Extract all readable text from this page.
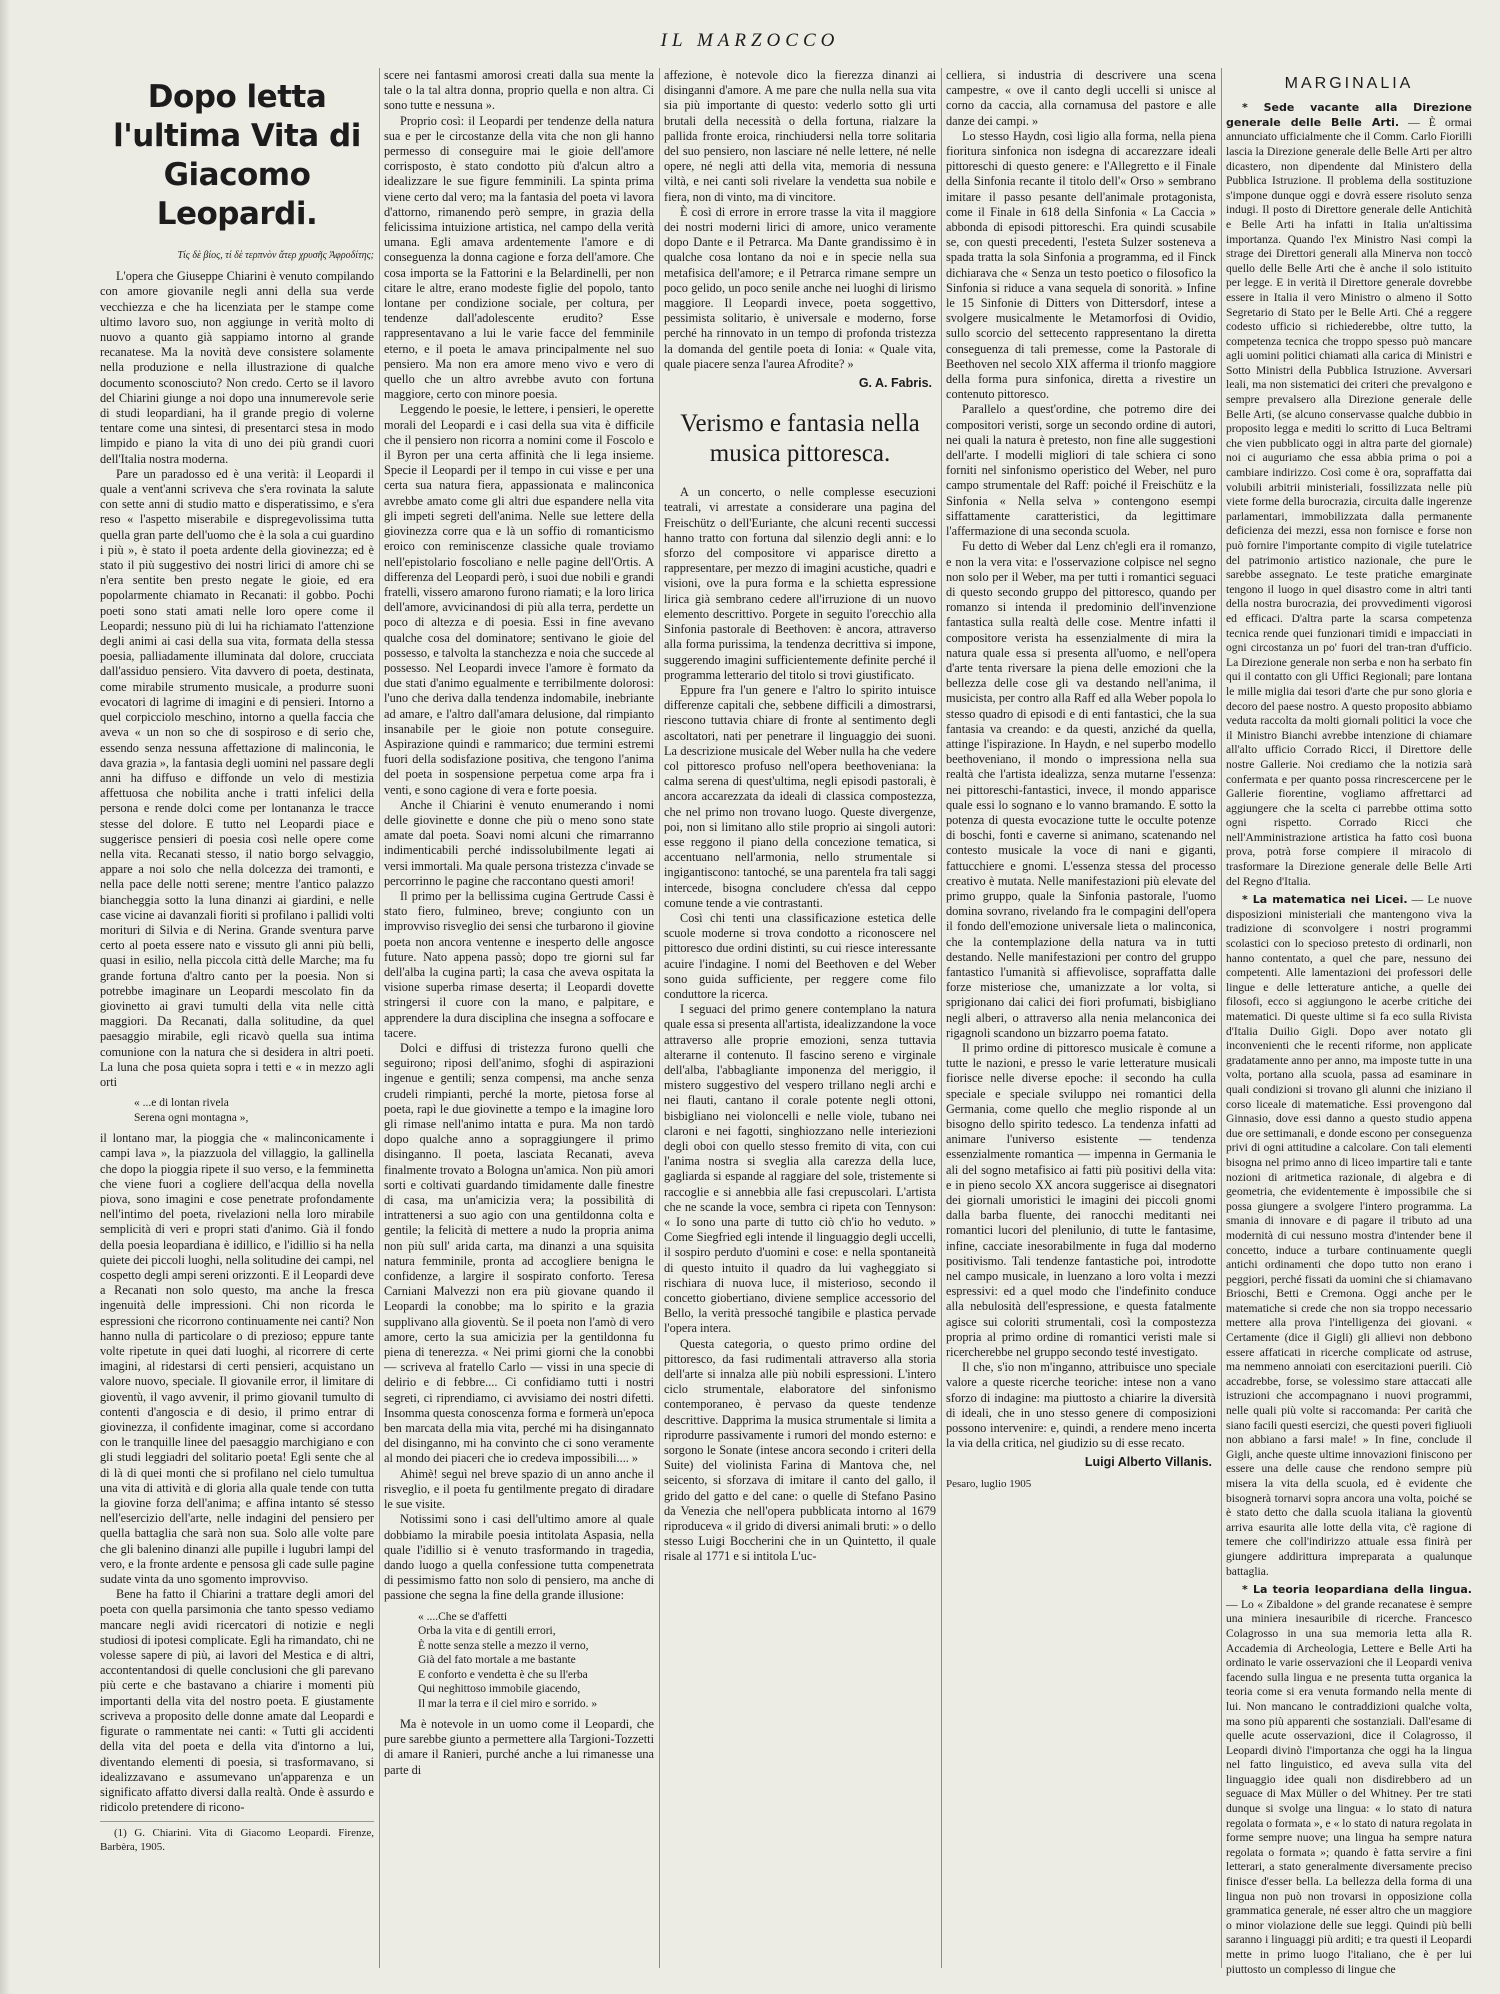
IL MARZOCCO
Dopo letta l'ultima Vita di Giacomo Leopardi.
Τίς δὲ βίος, τί δὲ τερπνὸν ἄτερ χρυσῆς Ἀφροδίτης;

L'opera che Giuseppe Chiarini è venuto compilando con amore giovanile negli anni della sua verde vecchiezza e che ha licenziata per le stampe come ultimo lavoro suo, non aggiunge in verità molto di nuovo a quanto già sappiamo intorno al grande recanatese. Ma la novità deve consistere solamente nella produzione e nella illustrazione di qualche documento sconosciuto? Non credo. Certo se il lavoro del Chiarini giunge a noi dopo una innumerevole serie di studi leopardiani, ha il grande pregio di volerne tentare come una sintesi, di presentarci stesa in modo limpido e piano la vita di uno dei più grandi cuori dell'Italia nostra moderna.

Pare un paradosso ed è una verità: il Leopardi il quale a vent'anni scriveva che s'era rovinata la salute con sette anni di studio matto e disperatissimo, e s'era reso « l'aspetto miserabile e dispregevolissima tutta quella gran parte dell'uomo che è la sola a cui guardino i più », è stato il poeta ardente della giovinezza; ed è stato il più suggestivo dei nostri lirici di amore chi se n'era sentite ben presto negate le gioie, ed era popolarmente chiamato in Recanati: il gobbo. Pochi poeti sono stati amati nelle loro opere come il Leopardi; nessuno più di lui ha richiamato l'attenzione degli animi ai casi della sua vita, formata della stessa poesia, palliadamente illuminata dal dolore, crucciata dall'assiduo pensiero. Vita davvero di poeta, destinata, come mirabile strumento musicale, a produrre suoni evocatori di lagrime di imagini e di pensieri. Intorno a quel corpicciolo meschino, intorno a quella faccia che aveva « un non so che di sospiroso e di serio che, essendo senza nessuna affettazione di malinconia, le dava grazia », la fantasia degli uomini nel passare degli anni ha diffuso e diffonde un velo di mestizia affettuosa che nobilita anche i tratti infelici della persona e rende dolci come per lontananza le tracce stesse del dolore. E tutto nel Leopardi piace e suggerisce pensieri di poesia così nelle opere come nella vita. Recanati stesso, il natio borgo selvaggio, appare a noi solo che nella dolcezza dei tramonti, e nella pace delle notti serene; mentre l'antico palazzo biancheggia sotto la luna dinanzi ai giardini, e nelle case vicine ai davanzali fioriti si profilano i pallidi volti morituri di Silvia e di Nerina. Grande sventura parve certo al poeta essere nato e vissuto gli anni più belli, quasi in esilio, nella piccola città delle Marche; ma fu grande fortuna d'altro canto per la poesia. Non si potrebbe imaginare un Leopardi mescolato fin da giovinetto ai gravi tumulti della vita nelle città maggiori. Da Recanati, dalla solitudine, da quel paesaggio mirabile, egli ricavò quella sua intima comunione con la natura che si desidera in altri poeti. La luna che posa quieta sopra i tetti e « in mezzo agli orti

« ...e di lontan rivela
Serena ogni montagna »,

il lontano mar, la pioggia che « malinconicamente i campi lava », la piazzuola del villaggio, la gallinella che dopo la pioggia ripete il suo verso, e la femminetta che viene fuori a cogliere dell'acqua della novella piova, sono imagini e cose penetrate profondamente nell'intimo del poeta, rivelazioni nella loro mirabile semplicità di veri e propri stati d'animo. Già il fondo della poesia leopardiana è idillico, e l'idillio si ha nella quiete dei piccoli luoghi, nella solitudine dei campi, nel cospetto degli ampi sereni orizzonti. E il Leopardi deve a Recanati non solo questo, ma anche la fresca ingenuità delle impressioni. Chi non ricorda le espressioni che ricorrono continuamente nei canti? Non hanno nulla di particolare o di prezioso; eppure tante volte ripetute in quei dati luoghi, al ricorrere di certe imagini, al ridestarsi di certi pensieri, acquistano un valore nuovo, speciale. Il giovanile error, il limitare di gioventù, il vago avvenir, il primo giovanil tumulto di contenti d'angoscia e di desio, il primo entrar di giovinezza, il confidente imaginar, come si accordano con le tranquille linee del paesaggio marchigiano e con gli studi leggiadri del solitario poeta! Egli sente che al di là di quei monti che si profilano nel cielo tumultua una vita di attività e di gloria alla quale tende con tutta la giovine forza dell'anima; e affina intanto sé stesso nell'esercizio dell'arte, nelle indagini del pensiero per quella battaglia che sarà non sua. Solo alle volte pare che gli balenino dinanzi alle pupille i lugubri lampi del vero, e la fronte ardente e pensosa gli cade sulle pagine sudate vinta da uno sgomento improvviso.

Bene ha fatto il Chiarini a trattare degli amori del poeta con quella parsimonia che tanto spesso vediamo mancare negli avidi ricercatori di notizie e negli studiosi di ipotesi complicate. Egli ha rimandato, chi ne volesse sapere di più, ai lavori del Mestica e di altri, accontentandosi di quelle conclusioni che gli parevano più certe e che bastavano a chiarire i momenti più importanti della vita del nostro poeta. E giustamente scriveva a proposito delle donne amate dal Leopardi e figurate o rammentate nei canti: « Tutti gli accidenti della vita del poeta e della vita d'intorno a lui, diventando elementi di poesia, si trasformavano, si idealizzavano e assumevano un'apparenza e un significato affatto diversi dalla realtà. Onde è assurdo e ridicolo pretendere di ricono-

(1) G. Chiarini. Vita di Giacomo Leopardi. Firenze, Barbèra, 1905.

scere nei fantasmi amorosi creati dalla sua mente la tale o la tal altra donna, proprio quella e non altra. Ci sono tutte e nessuna ».

Proprio così: il Leopardi per tendenze della natura sua e per le circostanze della vita che non gli hanno permesso di conseguire mai le gioie dell'amore corrisposto, è stato condotto più d'alcun altro a idealizzare le sue figure femminili. La spinta prima viene certo dal vero; ma la fantasia del poeta vi lavora d'attorno, rimanendo però sempre, in grazia della felicissima intuizione artistica, nel campo della verità umana. Egli amava ardentemente l'amore e di conseguenza la donna cagione e forza dell'amore. Che cosa importa se la Fattorini e la Belardinelli, per non citare le altre, erano modeste figlie del popolo, tanto lontane per condizione sociale, per coltura, per tendenze dall'adolescente erudito? Esse rappresentavano a lui le varie facce del femminile eterno, e il poeta le amava principalmente nel suo pensiero. Ma non era amore meno vivo e vero di quello che un altro avrebbe avuto con fortuna maggiore, certo con minore poesia.

Leggendo le poesie, le lettere, i pensieri, le operette morali del Leopardi e i casi della sua vita è difficile che il pensiero non ricorra a nomini come il Foscolo e il Byron per una certa affinità che li lega insieme. Specie il Leopardi per il tempo in cui visse e per una certa sua natura fiera, appassionata e malinconica avrebbe amato come gli altri due espandere nella vita gli impeti segreti dell'anima. Nelle sue lettere della giovinezza corre qua e là un soffio di romanticismo eroico con reminiscenze classiche quale troviamo nell'epistolario foscoliano e nelle pagine dell'Ortis. A differenza del Leopardi però, i suoi due nobili e grandi fratelli, vissero amarono furono riamati; e la loro lirica dell'amore, avvicinandosi di più alla terra, perdette un poco di altezza e di poesia. Essi in fine avevano qualche cosa del dominatore; sentivano le gioie del possesso, e talvolta la stanchezza e noia che succede al possesso. Nel Leopardi invece l'amore è formato da due stati d'animo egualmente e terribilmente dolorosi: l'uno che deriva dalla tendenza indomabile, inebriante ad amare, e l'altro dall'amara delusione, dal rimpianto insanabile per le gioie non potute conseguire. Aspirazione quindi e rammarico; due termini estremi fuori della sodisfazione positiva, che tengono l'anima del poeta in sospensione perpetua come arpa fra i venti, e sono cagione di vera e forte poesia.

Anche il Chiarini è venuto enumerando i nomi delle giovinette e donne che più o meno sono state amate dal poeta. Soavi nomi alcuni che rimarranno indimenticabili perché indissolubilmente legati ai versi immortali. Ma quale persona tristezza c'invade se percorrinno le pagine che raccontano questi amori!

Il primo per la bellissima cugina Gertrude Cassi è stato fiero, fulmineo, breve; congiunto con un improvviso risveglio dei sensi che turbarono il giovine poeta non ancora ventenne e inesperto delle angosce future. Nato appena passò; dopo tre giorni sul far dell'alba la cugina partì; la casa che aveva ospitata la visione superba rimase deserta; il Leopardi dovette stringersi il cuore con la mano, e palpitare, e apprendere la dura disciplina che insegna a soffocare e tacere.

Dolci e diffusi di tristezza furono quelli che seguirono; riposi dell'animo, sfoghi di aspirazioni ingenue e gentili; senza compensi, ma anche senza crudeli rimpianti, perché la morte, pietosa forse al poeta, rapì le due giovinette a tempo e la imagine loro gli rimase nell'animo intatta e pura. Ma non tardò dopo qualche anno a sopraggiungere il primo disinganno. Il poeta, lasciata Recanati, aveva finalmente trovato a Bologna un'amica. Non più amori sorti e coltivati guardando timidamente dalle finestre di casa, ma un'amicizia vera; la possibilità di intrattenersi a suo agio con una gentildonna colta e gentile; la felicità di mettere a nudo la propria anima non più sull' arida carta, ma dinanzi a una squisita natura femminile, pronta ad accogliere benigna le confidenze, a largire il sospirato conforto. Teresa Carniani Malvezzi non era più giovane quando il Leopardi la conobbe; ma lo spirito e la grazia supplivano alla gioventù. Se il poeta non l'amò di vero amore, certo la sua amicizia per la gentildonna fu piena di tenerezza. « Nei primi giorni che la conobbi — scriveva al fratello Carlo — vissi in una specie di delirio e di febbre.... Ci confidiamo tutti i nostri segreti, ci riprendiamo, ci avvisiamo dei nostri difetti. Insomma questa conoscenza forma e formerà un'epoca ben marcata della mia vita, perché mi ha disingannato del disinganno, mi ha convinto che ci sono veramente al mondo dei piaceri che io credeva impossibili.... »

Ahimè! seguì nel breve spazio di un anno anche il risveglio, e il poeta fu gentilmente pregato di diradare le sue visite.

Notissimi sono i casi dell'ultimo amore al quale dobbiamo la mirabile poesia intitolata Aspasia, nella quale l'idillio si è venuto trasformando in tragedia, dando luogo a quella confessione tutta compenetrata di pessimismo fatto non solo di pensiero, ma anche di passione che segna la fine della grande illusione:

« ....Che se d'affetti
Orba la vita e di gentili errori,
È notte senza stelle a mezzo il verno,
Già del fato mortale a me bastante
E conforto e vendetta è che su ll'erba
Qui neghittoso immobile giacendo,
Il mar la terra e il ciel miro e sorrido. »

Ma è notevole in un uomo come il Leopardi, che pure sarebbe giunto a permettere alla Targioni-Tozzetti di amare il Ranieri, purché anche a lui rimanesse una parte di

affezione, è notevole dico la fierezza dinanzi ai disinganni d'amore. A me pare che nulla nella sua vita sia più importante di questo: vederlo sotto gli urti brutali della necessità o della fortuna, rialzare la pallida fronte eroica, rinchiudersi nella torre solitaria del suo pensiero, non lasciare né nelle lettere, né nelle opere, né negli atti della vita, memoria di nessuna viltà, e nei canti soli rivelare la vendetta sua nobile e fiera, non di vinto, ma di vincitore.

È così di errore in errore trasse la vita il maggiore dei nostri moderni lirici di amore, unico veramente dopo Dante e il Petrarca. Ma Dante grandissimo è in qualche cosa lontano da noi e in specie nella sua metafisica dell'amore; e il Petrarca rimane sempre un poco gelido, un poco senile anche nei luoghi di lirismo maggiore. Il Leopardi invece, poeta soggettivo, pessimista solitario, è universale e moderno, forse perché ha rinnovato in un tempo di profonda tristezza la domanda del gentile poeta di Ionia: « Quale vita, quale piacere senza l'aurea Afrodite? »

G. A. Fabris.
Verismo e fantasia nella musica pittoresca.

A un concerto, o nelle complesse esecuzioni teatrali, vi arrestate a considerare una pagina del Freischütz o dell'Euriante, che alcuni recenti successi hanno tratto con fortuna dal silenzio degli anni: e lo sforzo del compositore vi apparisce diretto a rappresentare, per mezzo di imagini acustiche, quadri e visioni, ove la pura forma e la schietta espressione lirica già sembrano cedere all'irruzione di un nuovo elemento descrittivo. Porgete in seguito l'orecchio alla Sinfonia pastorale di Beethoven: è ancora, attraverso alla forma purissima, la tendenza decrittiva si impone, suggerendo imagini sufficientemente definite perché il programma letterario del titolo si trovi giustificato.

Eppure fra l'un genere e l'altro lo spirito intuisce differenze capitali che, sebbene difficili a dimostrarsi, riescono tuttavia chiare di fronte al sentimento degli ascoltatori, nati per penetrare il linguaggio dei suoni. La descrizione musicale del Weber nulla ha che vedere col pittoresco profuso nell'opera beethoveniana: la calma serena di quest'ultima, negli episodi pastorali, è ancora accarezzata da ideali di classica compostezza, che nel primo non trovano luogo. Queste divergenze, poi, non si limitano allo stile proprio ai singoli autori: esse reggono il piano della concezione tematica, si accentuano nell'armonia, nello strumentale si ingigantiscono: tantoché, se una parentela fra tali saggi intercede, bisogna concludere ch'essa dal ceppo comune tende a vie contrastanti.

Così chi tenti una classificazione estetica delle scuole moderne si trova condotto a riconoscere nel pittoresco due ordini distinti, su cui riesce interessante acuire l'indagine. I nomi del Beethoven e del Weber sono guida sufficiente, per reggere come filo conduttore la ricerca.

I seguaci del primo genere contemplano la natura quale essa si presenta all'artista, idealizzandone la voce attraverso alle proprie emozioni, senza tuttavia alterarne il contenuto. Il fascino sereno e virginale dell'alba, l'abbagliante imponenza del meriggio, il mistero suggestivo del vespero trillano negli archi e nei flauti, cantano il corale potente negli ottoni, bisbigliano nei violoncelli e nelle viole, tubano nei claroni e nei fagotti, singhiozzano nelle interiezioni degli oboi con quello stesso fremito di vita, con cui l'anima nostra si sveglia alla carezza della luce, gagliarda si espande al raggiare del sole, tristemente si raccoglie e si annebbia alle fasi crepuscolari. L'artista che ne scande la voce, sembra ci ripeta con Tennyson: « Io sono una parte di tutto ciò ch'io ho veduto. » Come Siegfried egli intende il linguaggio degli uccelli, il sospiro perduto d'uomini e cose: e nella spontaneità di questo intuito il quadro da lui vagheggiato si rischiara di nuova luce, il misterioso, secondo il concetto giobertiano, diviene semplice accessorio del Bello, la verità pressoché tangibile e plastica pervade l'opera intera.

Questa categoria, o questo primo ordine del pittoresco, da fasi rudimentali attraverso alla storia dell'arte si innalza alle più nobili espressioni. L'intero ciclo strumentale, elaboratore del sinfonismo contemporaneo, è pervaso da queste tendenze descrittive. Dapprima la musica strumentale si limita a riprodurre passivamente i rumori del mondo esterno: e sorgono le Sonate (intese ancora secondo i criteri della Suite) del violinista Farina di Mantova che, nel seicento, si sforzava di imitare il canto del gallo, il grido del gatto e del cane: o quelle di Stefano Pasino da Venezia che nell'opera pubblicata intorno al 1679 riproduceva « il grido di diversi animali bruti: » o dello stesso Luigi Boccherini che in un Quintetto, il quale risale al 1771 e si intitola L'uc-

celliera, si industria di descrivere una scena campestre, « ove il canto degli uccelli si unisce al corno da caccia, alla cornamusa del pastore e alle danze dei campi. »

Lo stesso Haydn, così ligio alla forma, nella piena fioritura sinfonica non isdegna di accarezzare ideali pittoreschi di questo genere: e l'Allegretto e il Finale della Sinfonia recante il titolo dell'« Orso » sembrano imitare il passo pesante dell'animale protagonista, come il Finale in 618 della Sinfonia « La Caccia » abbonda di episodi pittoreschi. Era quindi scusabile se, con questi precedenti, l'esteta Sulzer sosteneva a spada tratta la sola Sinfonia a programma, ed il Finck dichiarava che « Senza un testo poetico o filosofico la Sinfonia si riduce a vana sequela di sonorità. » Infine le 15 Sinfonie di Ditters von Dittersdorf, intese a svolgere musicalmente le Metamorfosi di Ovidio, sullo scorcio del settecento rappresentano la diretta conseguenza di tali premesse, come la Pastorale di Beethoven nel secolo XIX afferma il trionfo maggiore della forma pura sinfonica, diretta a rivestire un contenuto pittoresco.

Parallelo a quest'ordine, che potremo dire dei compositori veristi, sorge un secondo ordine di autori, nei quali la natura è pretesto, non fine alle suggestioni dell'arte. I modelli migliori di tale schiera ci sono forniti nel sinfonismo operistico del Weber, nel puro campo strumentale del Raff: poiché il Freischütz e la Sinfonia « Nella selva » contengono esempi siffattamente caratteristici, da legittimare l'affermazione di una seconda scuola.

Fu detto di Weber dal Lenz ch'egli era il romanzo, e non la vera vita: e l'osservazione colpisce nel segno non solo per il Weber, ma per tutti i romantici seguaci di questo secondo gruppo del pittoresco, quando per romanzo si intenda il predominio dell'invenzione fantastica sulla realtà delle cose. Mentre infatti il compositore verista ha essenzialmente di mira la natura quale essa si presenta all'uomo, e nell'opera d'arte tenta riversare la piena delle emozioni che la bellezza delle cose gli va destando nell'anima, il musicista, per contro alla Raff ed alla Weber popola lo stesso quadro di episodi e di enti fantastici, che la sua fantasia va creando: e da questi, anziché da quella, attinge l'ispirazione. In Haydn, e nel superbo modello beethoveniano, il mondo o impressiona nella sua realtà che l'artista idealizza, senza mutarne l'essenza: nei pittoreschi-fantastici, invece, il mondo apparisce quale essi lo sognano e lo vanno bramando. E sotto la potenza di questa evocazione tutte le occulte potenze di boschi, fonti e caverne si animano, scatenando nel contesto musicale la voce di nani e giganti, fattucchiere e gnomi. L'essenza stessa del processo creativo è mutata. Nelle manifestazioni più elevate del primo gruppo, quale la Sinfonia pastorale, l'uomo domina sovrano, rivelando fra le compagini dell'opera il fondo dell'emozione universale lieta o malinconica, che la contemplazione della natura va in tutti destando. Nelle manifestazioni per contro del gruppo fantastico l'umanità si affievolisce, sopraffatta dalle forze misteriose che, umanizzate a lor volta, si sprigionano dai calici dei fiori profumati, bisbigliano negli alberi, o attraverso alla nenia melanconica dei rigagnoli scandono un bizzarro poema fatato.

Il primo ordine di pittoresco musicale è comune a tutte le nazioni, e presso le varie letterature musicali fiorisce nelle diverse epoche: il secondo ha culla speciale e speciale sviluppo nei romantici della Germania, come quello che meglio risponde al un bisogno dello spirito tedesco. La tendenza infatti ad animare l'universo esistente — tendenza essenzialmente romantica — impenna in Germania le ali del sogno metafisico ai fatti più positivi della vita: e in pieno secolo XX ancora suggerisce ai disegnatori dei giornali umoristici le imagini dei piccoli gnomi dalla barba fluente, dei ranocchi meditanti nei romantici lucori del plenilunio, di tutte le fantasime, infine, cacciate inesorabilmente in fuga dal moderno positivismo. Tali tendenze fantastiche poi, introdotte nel campo musicale, in luenzano a loro volta i mezzi espressivi: ed a quel modo che l'indefinito conduce alla nebulosità dell'espressione, e questa fatalmente agisce sui coloriti strumentali, così la compostezza propria al primo ordine di romantici veristi male si ricercherebbe nel gruppo secondo testé investigato.

Il che, s'io non m'inganno, attribuisce uno speciale valore a queste ricerche teoriche: intese non a vano sforzo di indagine: ma piuttosto a chiarire la diversità di ideali, che in uno stesso genere di composizioni possono intervenire: e, quindi, a rendere meno incerta la via della critica, nel giudizio su di esse recato.

Luigi Alberto Villanis.
Pesaro, luglio 1905
MARGINALIA

* Sede vacante alla Direzione generale delle Belle Arti. — È ormai annunciato ufficialmente che il Comm. Carlo Fiorilli lascia la Direzione generale delle Belle Arti per altro dicastero, non dipendente dal Ministero della Pubblica Istruzione. Il problema della sostituzione s'impone dunque oggi e dovrà essere risoluto senza indugi. Il posto di Direttore generale delle Antichità e Belle Arti ha infatti in Italia un'altissima importanza. Quando l'ex Ministro Nasi compì la strage dei Direttori generali alla Minerva non toccò quello delle Belle Arti che è anche il solo istituito per legge. E in verità il Direttore generale dovrebbe essere in Italia il vero Ministro o almeno il Sotto Segretario di Stato per le Belle Arti. Ché a reggere codesto ufficio si richiederebbe, oltre tutto, la competenza tecnica che troppo spesso può mancare agli uomini politici chiamati alla carica di Ministri e Sotto Ministri della Pubblica Istruzione. Avversari leali, ma non sistematici dei criteri che prevalgono e sempre prevalsero alla Direzione generale delle Belle Arti, (se alcuno conservasse qualche dubbio in proposito legga e mediti lo scritto di Luca Beltrami che vien pubblicato oggi in altra parte del giornale) noi ci auguriamo che essa abbia prima o poi a cambiare indirizzo. Così come è ora, sopraffatta dai volubili arbitrii ministeriali, fossilizzata nelle più viete forme della burocrazia, circuita dalle ingerenze parlamentari, immobilizzata dalla permanente deficienza dei mezzi, essa non fornisce e forse non può fornire l'importante compito di vigile tutelatrice del patrimonio artistico nazionale, che pure le sarebbe assegnato. Le teste pratiche emarginate tengono il luogo in quel disastro come in altri tanti della nostra burocrazia, dei provvedimenti vigorosi ed efficaci. D'altra parte la scarsa competenza tecnica rende quei funzionari timidi e impacciati in ogni circostanza un po' fuori del tran-tran d'ufficio. La Direzione generale non serba e non ha serbato fin qui il contatto con gli Uffici Regionali; pare lontana le mille miglia dai tesori d'arte che pur sono gloria e decoro del paese nostro. A questo proposito abbiamo veduta raccolta da molti giornali politici la voce che il Ministro Bianchi avrebbe intenzione di chiamare all'alto ufficio Corrado Ricci, il Direttore delle nostre Gallerie. Noi crediamo che la notizia sarà confermata e per quanto possa rincrescercene per le Gallerie fiorentine, vogliamo affrettarci ad aggiungere che la scelta ci parrebbe ottima sotto ogni rispetto. Corrado Ricci che nell'Amministrazione artistica ha fatto così buona prova, potrà forse compiere il miracolo di trasformare la Direzione generale delle Belle Arti del Regno d'Italia.

* La matematica nei Licei. — Le nuove disposizioni ministeriali che mantengono viva la tradizione di sconvolgere i nostri programmi scolastici con lo specioso pretesto di ordinarli, non hanno contentato, a quel che pare, nessuno dei competenti. Alle lamentazioni dei professori delle lingue e delle letterature antiche, a quelle dei filosofi, ecco si aggiungono le acerbe critiche dei matematici. Di queste ultime si fa eco sulla Rivista d'Italia Duilio Gigli. Dopo aver notato gli inconvenienti che le recenti riforme, non applicate gradatamente anno per anno, ma imposte tutte in una volta, portano alla scuola, passa ad esaminare in quali condizioni si trovano gli alunni che iniziano il corso liceale di matematiche. Essi provengono dal Ginnasio, dove essi danno a questo studio appena due ore settimanali, e donde escono per conseguenza privi di ogni attitudine a calcolare. Con tali elementi bisogna nel primo anno di liceo impartire tali e tante nozioni di aritmetica razionale, di algebra e di geometria, che evidentemente è impossibile che si possa giungere a svolgere l'intero programma. La smania di innovare e di pagare il tributo ad una modernità di cui nessuno mostra d'intender bene il concetto, induce a turbare continuamente quegli antichi ordinamenti che dopo tutto non erano i peggiori, perché fissati da uomini che si chiamavano Brioschi, Betti e Cremona. Oggi anche per le matematiche si crede che non sia troppo necessario mettere alla prova l'intelligenza dei giovani. « Certamente (dice il Gigli) gli allievi non debbono essere affaticati in ricerche complicate od astruse, ma nemmeno annoiati con esercitazioni puerili. Ciò accadrebbe, forse, se volessimo stare attaccati alle istruzioni che accompagnano i nuovi programmi, nelle quali più volte si raccomanda: Per carità che siano facili questi esercizi, che questi poveri figliuoli non abbiano a farsi male! » In fine, conclude il Gigli, anche queste ultime innovazioni finiscono per essere una delle cause che rendono sempre più misera la vita della scuola, ed è evidente che bisognerà tornarvi sopra ancora una volta, poiché se è stato detto che dalla scuola italiana la gioventù arriva esaurita alle lotte della vita, c'è ragione di temere che coll'indirizzo attuale essa finirà per giungere addirittura impreparata a qualunque battaglia.

* La teoria leopardiana della lingua. — Lo « Zibaldone » del grande recanatese è sempre una miniera inesauribile di ricerche. Francesco Colagrosso in una sua memoria letta alla R. Accademia di Archeologia, Lettere e Belle Arti ha ordinato le varie osservazioni che il Leopardi veniva facendo sulla lingua e ne presenta tutta organica la teoria come si era venuta formando nella mente di lui. Non mancano le contraddizioni qualche volta, ma sono più apparenti che sostanziali. Dall'esame di quelle acute osservazioni, dice il Colagrosso, il Leopardi divinò l'importanza che oggi ha la lingua nel fatto linguistico, ed aveva sulla vita del linguaggio idee quali non disdirebbero ad un seguace di Max Müller o del Whitney. Per tre stati dunque si svolge una lingua: « lo stato di natura regolata o formata », e « lo stato di natura regolata in forme sempre nuove; una lingua ha sempre natura regolata o formata »; quando è fatta servire a fini letterari, a stato generalmente diversamente preciso finisce d'esser bella. La bellezza della forma di una lingua non può non trovarsi in opposizione colla grammatica generale, né esser altro che un maggiore o minor violazione delle sue leggi. Quindi più belli saranno i linguaggi più arditi; e tra questi il Leopardi mette in primo luogo l'italiano, che è per lui piuttosto un complesso di lingue che
